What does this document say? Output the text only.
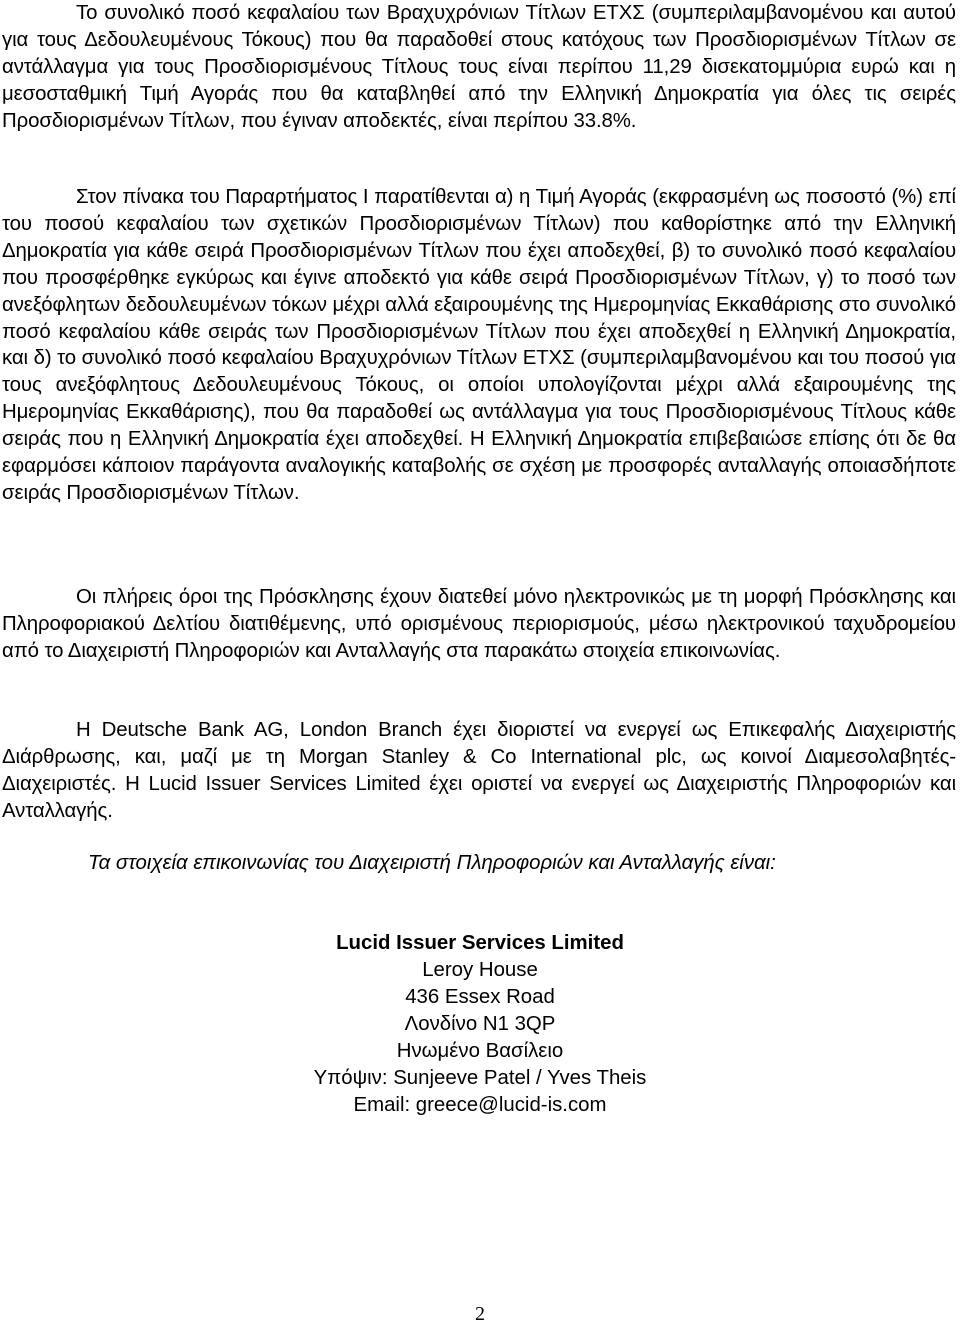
Το συνολικό ποσό κεφαλαίου των Βραχυχρόνιων Τίτλων ΕΤΧΣ (συμπεριλαμβανομένου και αυτού για τους Δεδουλευμένους Τόκους) που θα παραδοθεί στους κατόχους των Προσδιορισμένων Τίτλων σε αντάλλαγμα για τους Προσδιορισμένους Τίτλους τους είναι περίπου 11,29 δισεκατομμύρια ευρώ και η μεσοσταθμική Τιμή Αγοράς που θα καταβληθεί από την Ελληνική Δημοκρατία για όλες τις σειρές Προσδιορισμένων Τίτλων, που έγιναν αποδεκτές, είναι περίπου 33.8%.

Στον πίνακα του Παραρτήματος Ι παρατίθενται α) η Τιμή Αγοράς (εκφρασμένη ως ποσοστό (%) επί του ποσού κεφαλαίου των σχετικών Προσδιορισμένων Τίτλων) που καθορίστηκε από την Ελληνική Δημοκρατία για κάθε σειρά Προσδιορισμένων Τίτλων που έχει αποδεχθεί, β) το συνολικό ποσό κεφαλαίου που προσφέρθηκε εγκύρως και έγινε αποδεκτό για κάθε σειρά Προσδιορισμένων Τίτλων, γ) το ποσό των ανεξόφλητων δεδουλευμένων τόκων μέχρι αλλά εξαιρουμένης της Ημερομηνίας Εκκαθάρισης στο συνολικό ποσό κεφαλαίου κάθε σειράς των Προσδιορισμένων Τίτλων που έχει αποδεχθεί η Ελληνική Δημοκρατία, και δ) το συνολικό ποσό κεφαλαίου Βραχυχρόνιων Τίτλων ΕΤΧΣ (συμπεριλαμβανομένου και του ποσού για τους ανεξόφλητους Δεδουλευμένους Τόκους, οι οποίοι υπολογίζονται μέχρι αλλά εξαιρουμένης της Ημερομηνίας Εκκαθάρισης), που θα παραδοθεί ως αντάλλαγμα για τους Προσδιορισμένους Τίτλους κάθε σειράς που η Ελληνική Δημοκρατία έχει αποδεχθεί. Η Ελληνική Δημοκρατία επιβεβαιώσε επίσης ότι δε θα εφαρμόσει κάποιον παράγοντα αναλογικής καταβολής σε σχέση με προσφορές ανταλλαγής οποιασδήποτε σειράς Προσδιορισμένων Τίτλων.

Οι πλήρεις όροι της Πρόσκλησης έχουν διατεθεί μόνο ηλεκτρονικώς με τη μορφή Πρόσκλησης και Πληροφοριακού Δελτίου διατιθέμενης, υπό ορισμένους περιορισμούς, μέσω ηλεκτρονικού ταχυδρομείου από το Διαχειριστή Πληροφοριών και Ανταλλαγής στα παρακάτω στοιχεία επικοινωνίας.

Η Deutsche Bank AG, London Branch έχει διοριστεί να ενεργεί ως Επικεφαλής Διαχειριστής Διάρθρωσης, και, μαζί με τη Morgan Stanley & Co International plc, ως κοινοί Διαμεσολαβητές-Διαχειριστές. Η Lucid Issuer Services Limited έχει οριστεί να ενεργεί ως Διαχειριστής Πληροφοριών και Ανταλλαγής.

Τα στοιχεία επικοινωνίας του Διαχειριστή Πληροφοριών και Ανταλλαγής είναι:

Lucid Issuer Services Limited
Leroy House
436 Essex Road
Λονδίνο N1 3QP
Ηνωμένο Βασίλειο
Υπόψιν: Sunjeeve Patel / Yves Theis
Email: greece@lucid-is.com
2
